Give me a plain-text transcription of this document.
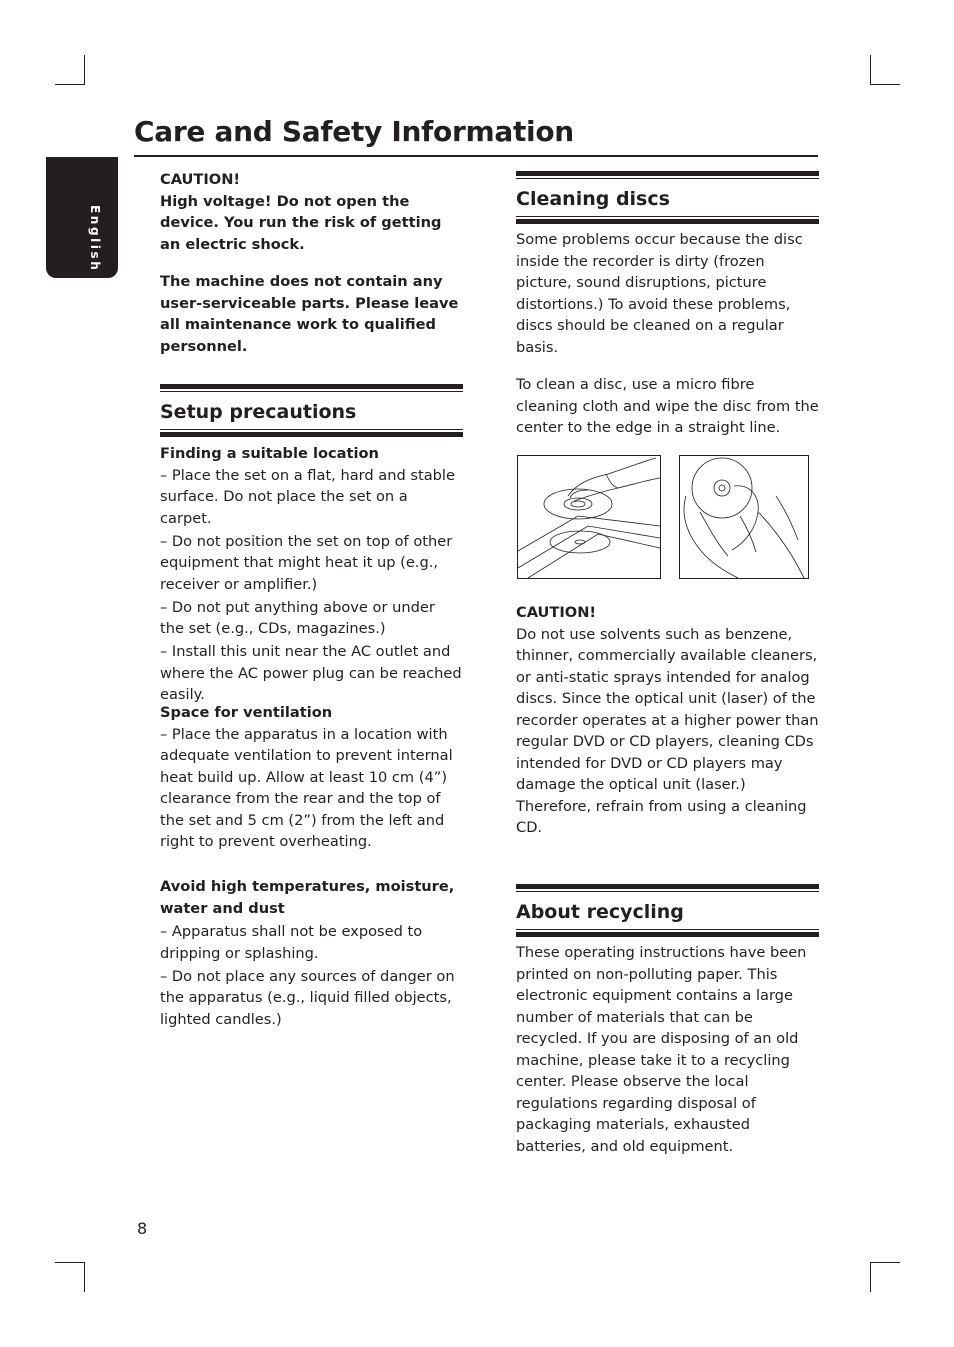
Care and Safety Information
English

CAUTION!

High voltage! Do not open the device. You run the risk of getting an electric shock.

The machine does not contain any user-serviceable parts. Please leave all maintenance work to qualified personnel.

Setup precautions

Finding a suitable location

– Place the set on a flat, hard and stable surface. Do not place the set on a carpet.

– Do not position the set on top of other equipment that might heat it up (e.g., receiver or amplifier.)

– Do not put anything above or under the set (e.g., CDs, magazines.)

– Install this unit near the AC outlet and where the AC power plug can be reached easily.

Space for ventilation

– Place the apparatus in a location with adequate ventilation to prevent internal heat build up. Allow at least 10 cm (4”) clearance from the rear and the top of the set and 5 cm (2”) from the left and right to prevent overheating.

Avoid high temperatures, moisture, water and dust

– Apparatus shall not be exposed to dripping or splashing.

– Do not place any sources of danger on the apparatus (e.g., liquid filled objects, lighted candles.)

Cleaning discs

Some problems occur because the disc inside the recorder is dirty (frozen picture, sound disruptions, picture distortions.) To avoid these problems, discs should be cleaned on a regular basis.

To clean a disc, use a micro fibre cleaning cloth and wipe the disc from the center to the edge in a straight line.

CAUTION!

Do not use solvents such as benzene, thinner, commercially available cleaners, or anti-static sprays intended for analog discs. Since the optical unit (laser) of the recorder operates at a higher power than regular DVD or CD players, cleaning CDs intended for DVD or CD players may damage the optical unit (laser.) Therefore, refrain from using a cleaning CD.

About recycling

These operating instructions have been printed on non-polluting paper. This electronic equipment contains a large number of materials that can be recycled. If you are disposing of an old machine, please take it to a recycling center. Please observe the local regulations regarding disposal of packaging materials, exhausted batteries, and old equipment.

8
